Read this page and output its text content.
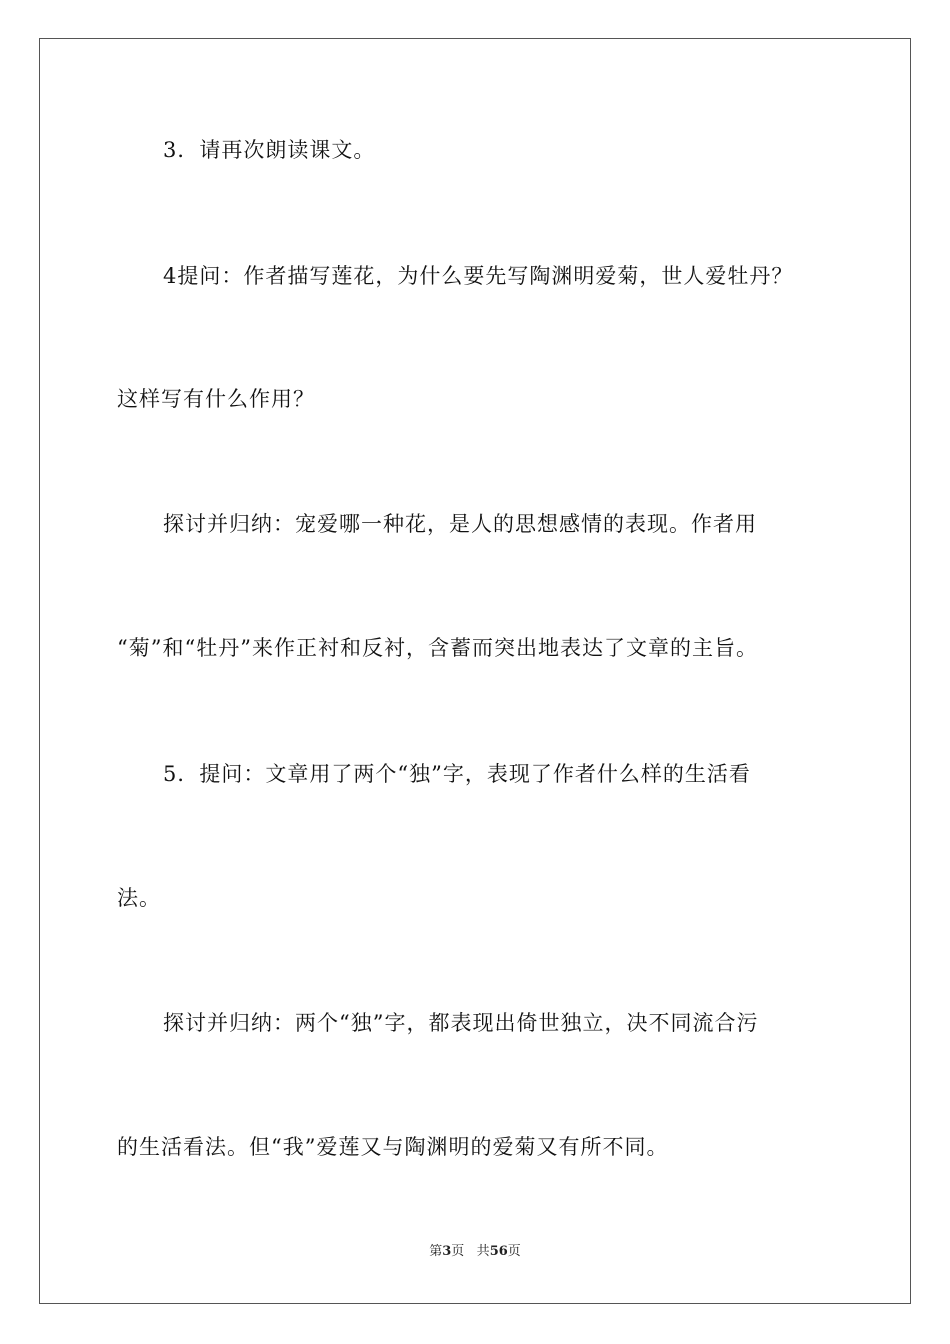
3．请再次朗读课文。
4提问：作者描写莲花，为什么要先写陶渊明爱菊，世人爱牡丹？
这样写有什么作用？
探讨并归纳：宠爱哪一种花，是人的思想感情的表现。作者用
“菊”和“牡丹”来作正衬和反衬，含蓄而突出地表达了文章的主旨。
5．提问：文章用了两个“独”字，表现了作者什么样的生活看
法。
探讨并归纳：两个“独”字，都表现出倚世独立，决不同流合污
的生活看法。但“我”爱莲又与陶渊明的爱菊又有所不同。
第3页 共56页
